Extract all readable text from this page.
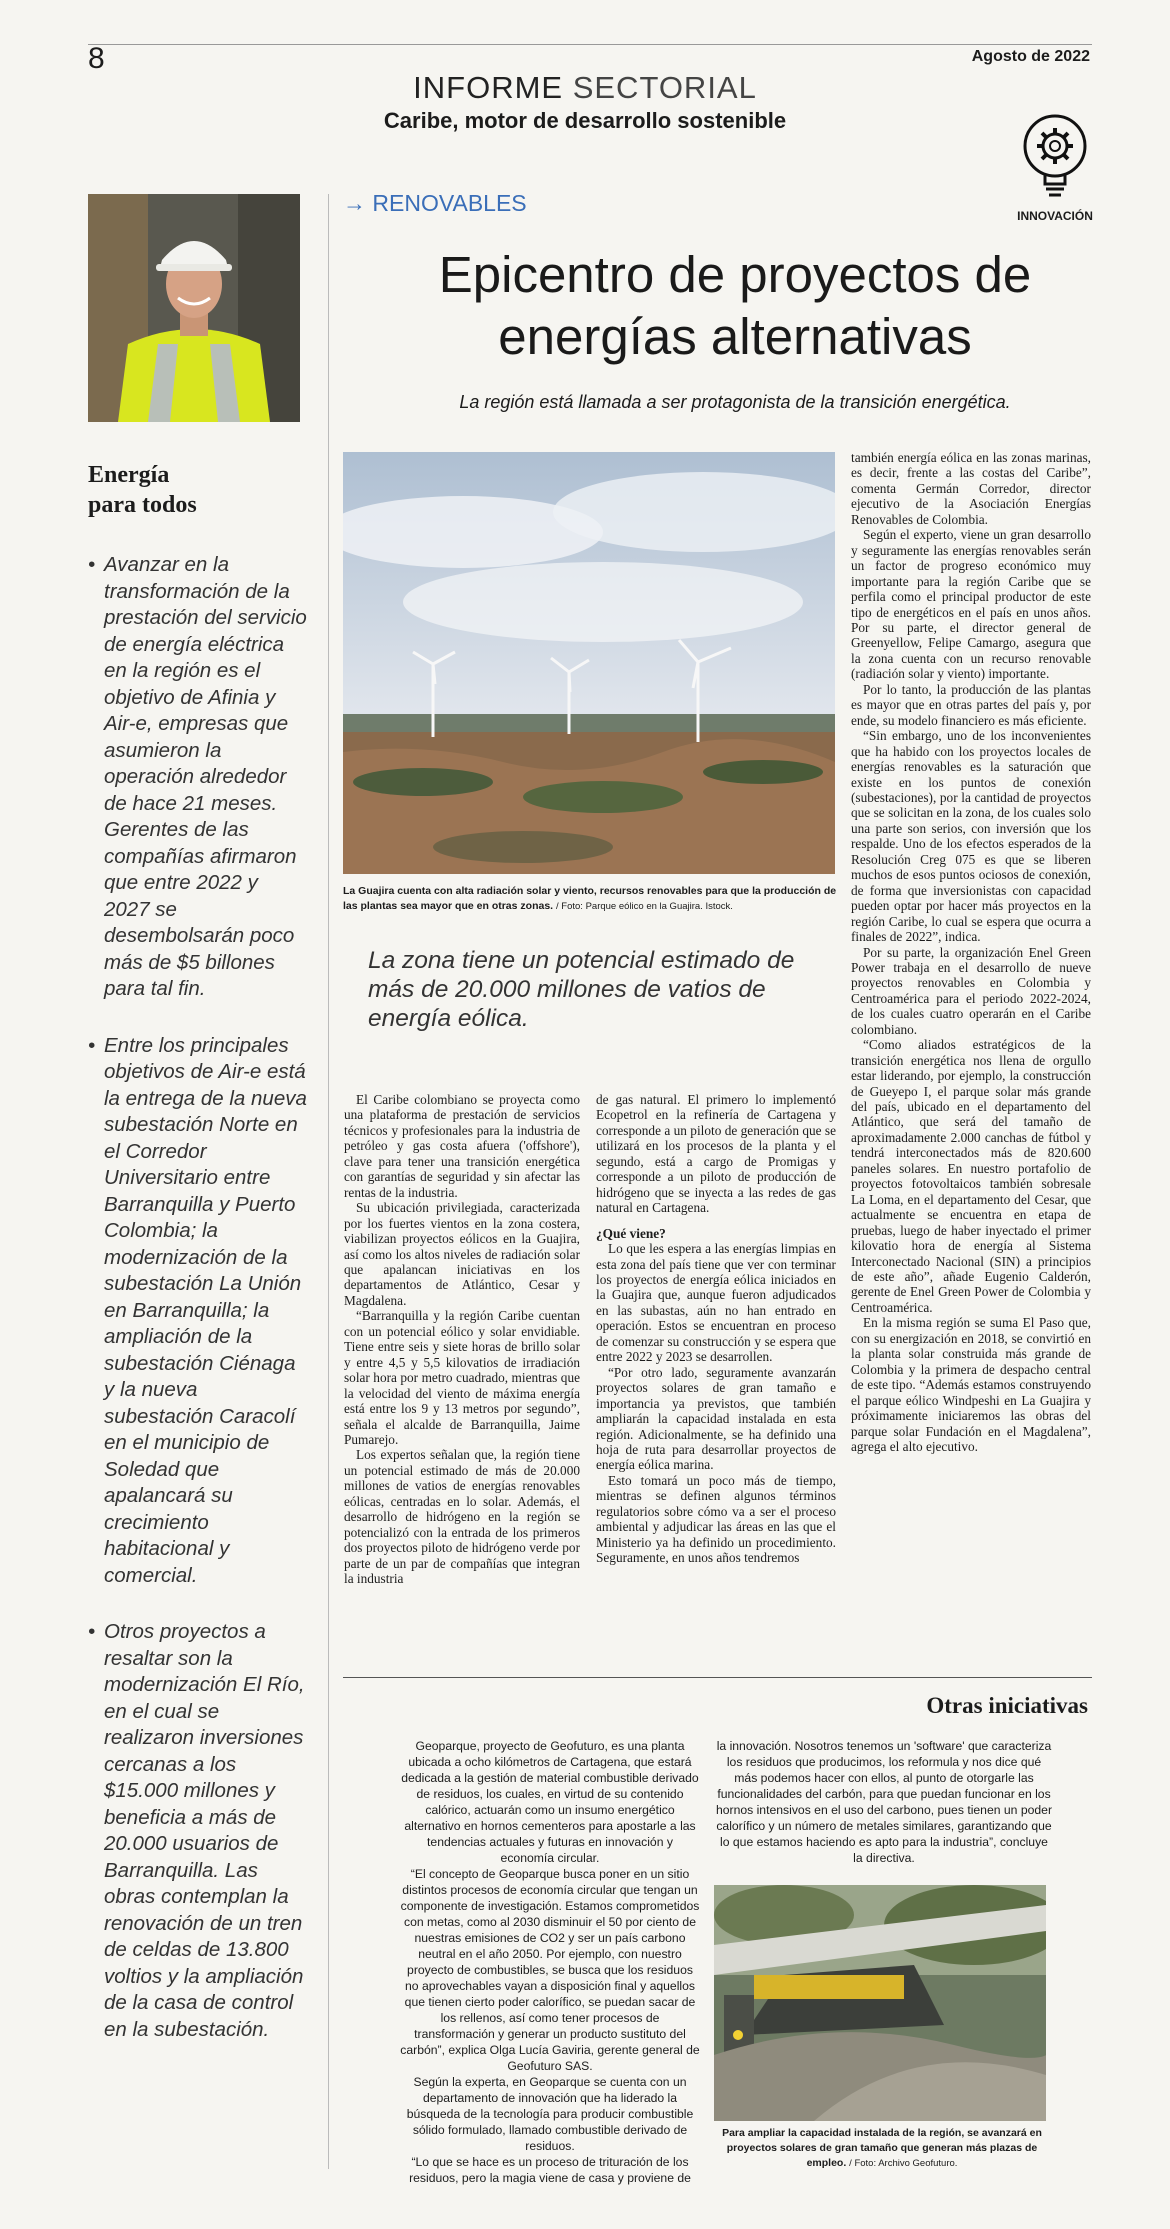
8	Agosto de 2022
INFORME SECTORIAL
Caribe, motor de desarrollo sostenible
INNOVACIÓN
Energía
para todos
• Avanzar en la transformación de la prestación del servicio de energía eléctrica en la región es el objetivo de Afinia y Air-e, empresas que asumieron la operación alrededor de hace 21 meses. Gerentes de las compañías afirmaron que entre 2022 y 2027 se desembolsarán poco más de $5 billones para tal fin.
• Entre los principales objetivos de Air-e está la entrega de la nueva subestación Norte en el Corredor Universitario entre Barranquilla y Puerto Colombia; la modernización de la subestación La Unión en Barranquilla; la ampliación de la subestación Ciénaga y la nueva subestación Caracolí en el municipio de Soledad que apalancará su crecimiento habitacional y comercial.
• Otros proyectos a resaltar son la modernización El Río, en el cual se realizaron inversiones cercanas a los $15.000 millones y beneficia a más de 20.000 usuarios de Barranquilla. Las obras contemplan la renovación de un tren de celdas de 13.800 voltios y la ampliación de la casa de control en la subestación.
→ RENOVABLES
Epicentro de proyectos de
energías alternativas
La región está llamada a ser protagonista de la transición energética.
La Guajira cuenta con alta radiación solar y viento, recursos renovables para que la producción de las plantas sea mayor que en otras zonas. / Foto: Parque eólico en la Guajira. Istock.
La zona tiene un potencial estimado de más de 20.000 millones de vatios de energía eólica.

El Caribe colombiano se proyecta como una plataforma de prestación de servicios técnicos y profesionales para la industria de petróleo y gas costa afuera ('offshore'), clave para tener una transición energética con garantías de seguridad y sin afectar las rentas de la industria.

Su ubicación privilegiada, caracterizada por los fuertes vientos en la zona costera, viabilizan proyectos eólicos en la Guajira, así como los altos niveles de radiación solar que apalancan iniciativas en los departamentos de Atlántico, Cesar y Magdalena.

“Barranquilla y la región Caribe cuentan con un potencial eólico y solar envidiable. Tiene entre seis y siete horas de brillo solar y entre 4,5 y 5,5 kilovatios de irradiación solar hora por metro cuadrado, mientras que la velocidad del viento de máxima energía está entre los 9 y 13 metros por segundo”, señala el alcalde de Barranquilla, Jaime Pumarejo.

Los expertos señalan que, la región tiene un potencial estimado de más de 20.000 millones de vatios de energías renovables eólicas, centradas en lo solar. Además, el desarrollo de hidrógeno en la región se potencializó con la entrada de los primeros dos proyectos piloto de hidrógeno verde por parte de un par de compañías que integran la industria

de gas natural. El primero lo implementó Ecopetrol en la refinería de Cartagena y corresponde a un piloto de generación que se utilizará en los procesos de la planta y el segundo, está a cargo de Promigas y corresponde a un piloto de producción de hidrógeno que se inyecta a las redes de gas natural en Cartagena.

¿Qué viene?

Lo que les espera a las energías limpias en esta zona del país tiene que ver con terminar los proyectos de energía eólica iniciados en la Guajira que, aunque fueron adjudicados en las subastas, aún no han entrado en operación. Estos se encuentran en proceso de comenzar su construcción y se espera que entre 2022 y 2023 se desarrollen.

“Por otro lado, seguramente avanzarán proyectos solares de gran tamaño e importancia ya previstos, que también ampliarán la capacidad instalada en esta región. Adicionalmente, se ha definido una hoja de ruta para desarrollar proyectos de energía eólica marina.

Esto tomará un poco más de tiempo, mientras se definen algunos términos regulatorios sobre cómo va a ser el proceso ambiental y adjudicar las áreas en las que el Ministerio ya ha definido un procedimiento. Seguramente, en unos años tendremos

también energía eólica en las zonas marinas, es decir, frente a las costas del Caribe”, comenta Germán Corredor, director ejecutivo de la Asociación Energías Renovables de Colombia.

Según el experto, viene un gran desarrollo y seguramente las energías renovables serán un factor de progreso económico muy importante para la región Caribe que se perfila como el principal productor de este tipo de energéticos en el país en unos años. Por su parte, el director general de Greenyellow, Felipe Camargo, asegura que la zona cuenta con un recurso renovable (radiación solar y viento) importante.

Por lo tanto, la producción de las plantas es mayor que en otras partes del país y, por ende, su modelo financiero es más eficiente.

“Sin embargo, uno de los inconvenientes que ha habido con los proyectos locales de energías renovables es la saturación que existe en los puntos de conexión (subestaciones), por la cantidad de proyectos que se solicitan en la zona, de los cuales solo una parte son serios, con inversión que los respalde. Uno de los efectos esperados de la Resolución Creg 075 es que se liberen muchos de esos puntos ociosos de conexión, de forma que inversionistas con capacidad pueden optar por hacer más proyectos en la región Caribe, lo cual se espera que ocurra a finales de 2022”, indica.

Por su parte, la organización Enel Green Power trabaja en el desarrollo de nueve proyectos renovables en Colombia y Centroamérica para el periodo 2022-2024, de los cuales cuatro operarán en el Caribe colombiano.

“Como aliados estratégicos de la transición energética nos llena de orgullo estar liderando, por ejemplo, la construcción de Gueyepo I, el parque solar más grande del país, ubicado en el departamento del Atlántico, que será del tamaño de aproximadamente 2.000 canchas de fútbol y tendrá interconectados más de 820.600 paneles solares. En nuestro portafolio de proyectos fotovoltaicos también sobresale La Loma, en el departamento del Cesar, que actualmente se encuentra en etapa de pruebas, luego de haber inyectado el primer kilovatio hora de energía al Sistema Interconectado Nacional (SIN) a principios de este año”, añade Eugenio Calderón, gerente de Enel Green Power de Colombia y Centroamérica.

En la misma región se suma El Paso que, con su energización en 2018, se convirtió en la planta solar construida más grande de Colombia y la primera de despacho central de este tipo. “Además estamos construyendo el parque eólico Windpeshi en La Guajira y próximamente iniciaremos las obras del parque solar Fundación en el Magdalena”, agrega el alto ejecutivo.

Otras iniciativas

Geoparque, proyecto de Geofuturo, es una planta ubicada a ocho kilómetros de Cartagena, que estará dedicada a la gestión de material combustible derivado de residuos, los cuales, en virtud de su contenido calórico, actuarán como un insumo energético alternativo en hornos cementeros para apostarle a las tendencias actuales y futuras en innovación y economía circular.

“El concepto de Geoparque busca poner en un sitio distintos procesos de economía circular que tengan un componente de investigación. Estamos comprometidos con metas, como al 2030 disminuir el 50 por ciento de nuestras emisiones de CO2 y ser un país carbono neutral en el año 2050. Por ejemplo, con nuestro proyecto de combustibles, se busca que los residuos no aprovechables vayan a disposición final y aquellos que tienen cierto poder calorífico, se puedan sacar de los rellenos, así como tener procesos de transformación y generar un producto sustituto del carbón”, explica Olga Lucía Gaviria, gerente general de Geofuturo SAS.

Según la experta, en Geoparque se cuenta con un departamento de innovación que ha liderado la búsqueda de la tecnología para producir combustible sólido formulado, llamado combustible derivado de residuos.

“Lo que se hace es un proceso de trituración de los residuos, pero la magia viene de casa y proviene de

la innovación. Nosotros tenemos un 'software' que caracteriza los residuos que producimos, los reformula y nos dice qué más podemos hacer con ellos, al punto de otorgarle las funcionalidades del carbón, para que puedan funcionar en los hornos intensivos en el uso del carbono, pues tienen un poder calorífico y un número de metales similares, garantizando que lo que estamos haciendo es apto para la industria”, concluye la directiva.

Para ampliar la capacidad instalada de la región, se avanzará en proyectos solares de gran tamaño que generan más plazas de empleo. / Foto: Archivo Geofuturo.
